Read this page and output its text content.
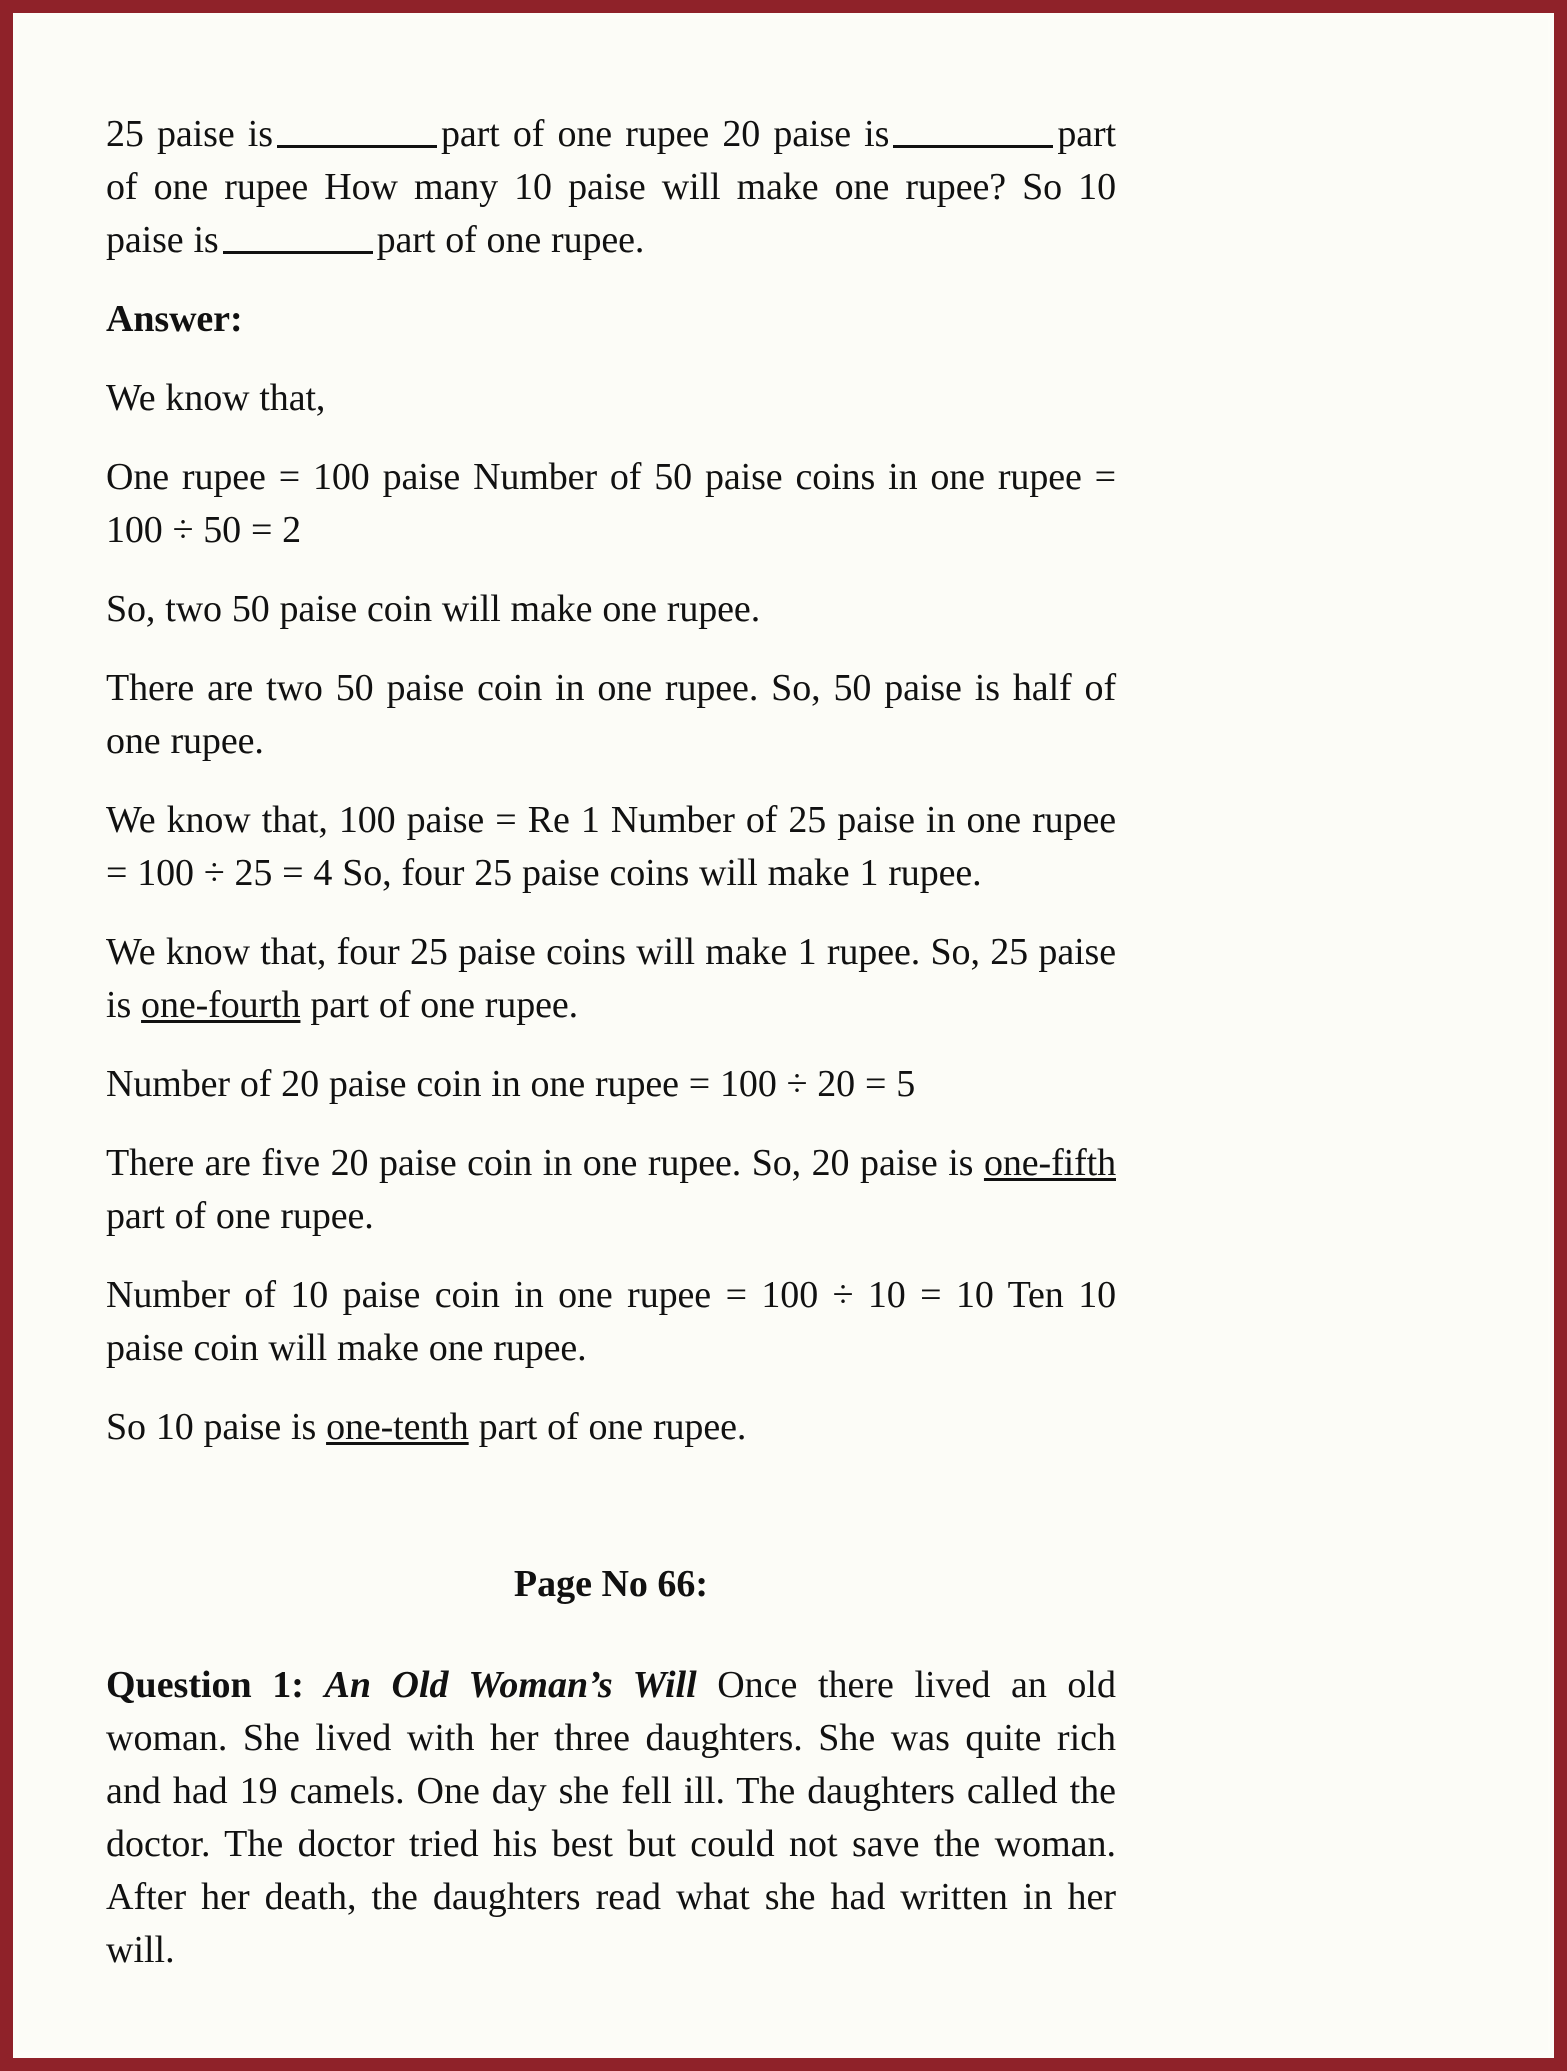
25 paise is	part of one rupee 20 paise is	part of one rupee How many 10 paise will make one rupee? So 10 paise is	part of one rupee.

Answer:

We know that,

One rupee = 100 paise Number of 50 paise coins in one rupee = 100 ÷ 50 = 2

So, two 50 paise coin will make one rupee.

There are two 50 paise coin in one rupee. So, 50 paise is half of one rupee.

We know that, 100 paise = Re 1 Number of 25 paise in one rupee = 100 ÷ 25 = 4 So, four 25 paise coins will make 1 rupee.

We know that, four 25 paise coins will make 1 rupee. So, 25 paise is one-fourth part of one rupee.

Number of 20 paise coin in one rupee = 100 ÷ 20 = 5

There are five 20 paise coin in one rupee. So, 20 paise is one-fifth part of one rupee.

Number of 10 paise coin in one rupee = 100 ÷ 10 = 10 Ten 10 paise coin will make one rupee.

So 10 paise is one-tenth part of one rupee.

Page No 66:

Question 1: An Old Woman’s Will Once there lived an old woman. She lived with her three daughters. She was quite rich and had 19 camels. One day she fell ill. The daughters called the doctor. The doctor tried his best but could not save the woman. After her death, the daughters read what she had written in her will.
